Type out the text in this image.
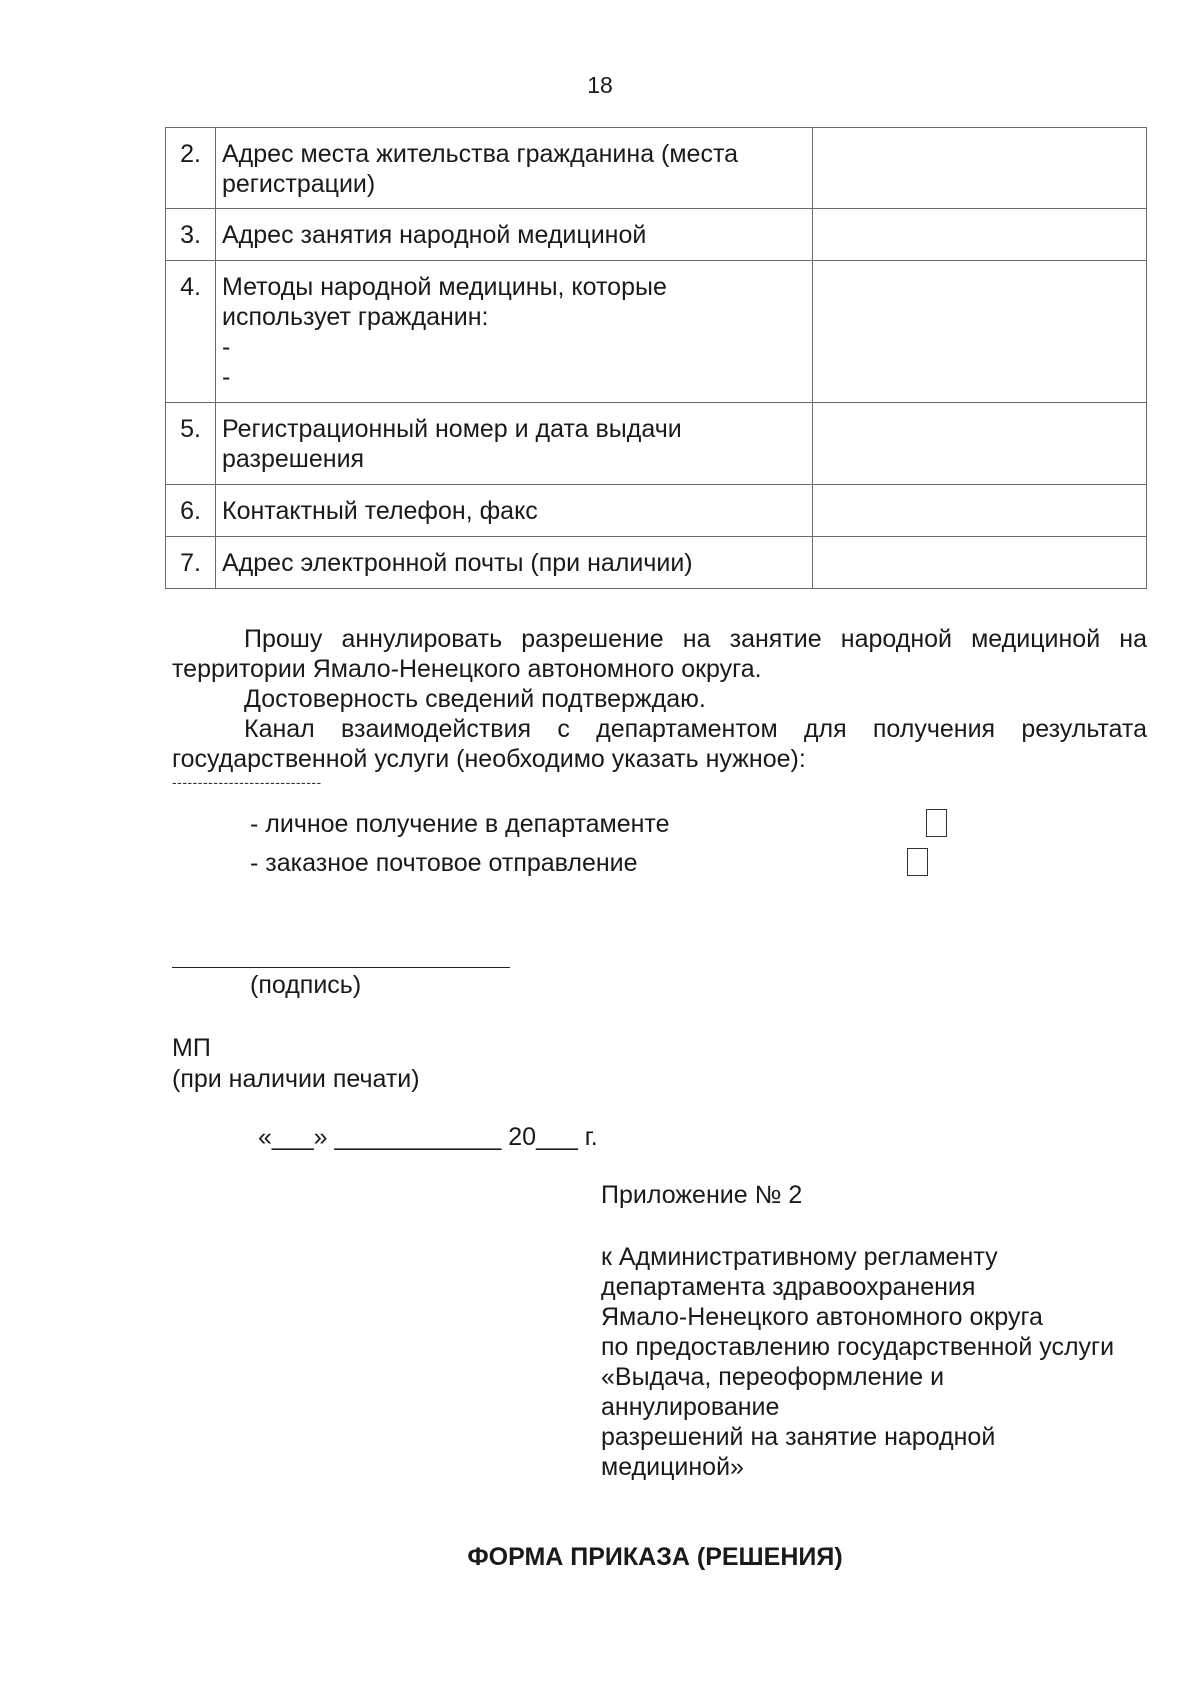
18
2.	Адрес места жительства гражданина (места
регистрации)	

3.	Адрес занятия народной медициной	

4.	Методы народной медицины, которые
использует гражданин:
-
-	

5.	Регистрационный номер и дата выдачи
разрешения	

6.	Контактный телефон, факс	

7.	Адрес электронной почты (при наличии)	

Прошу аннулировать разрешение на занятие народной медициной на
территории Ямало-Ненецкого автономного округа.
Достоверность сведений подтверждаю.
Канал взаимодействия с департаментом для получения результата
государственной услуги (необходимо указать нужное):
-----------------------------
- личное получение в департаменте
- заказное почтовое отправление
(подпись)
МП
(при наличии печати)
«___» ____________ 20___ г.
Приложение № 2
к Административному регламенту
департамента здравоохранения
Ямало-Ненецкого автономного округа
по предоставлению государственной услуги
«Выдача, переоформление и
аннулирование
разрешений на занятие народной
медициной»
ФОРМА ПРИКАЗА (РЕШЕНИЯ)
